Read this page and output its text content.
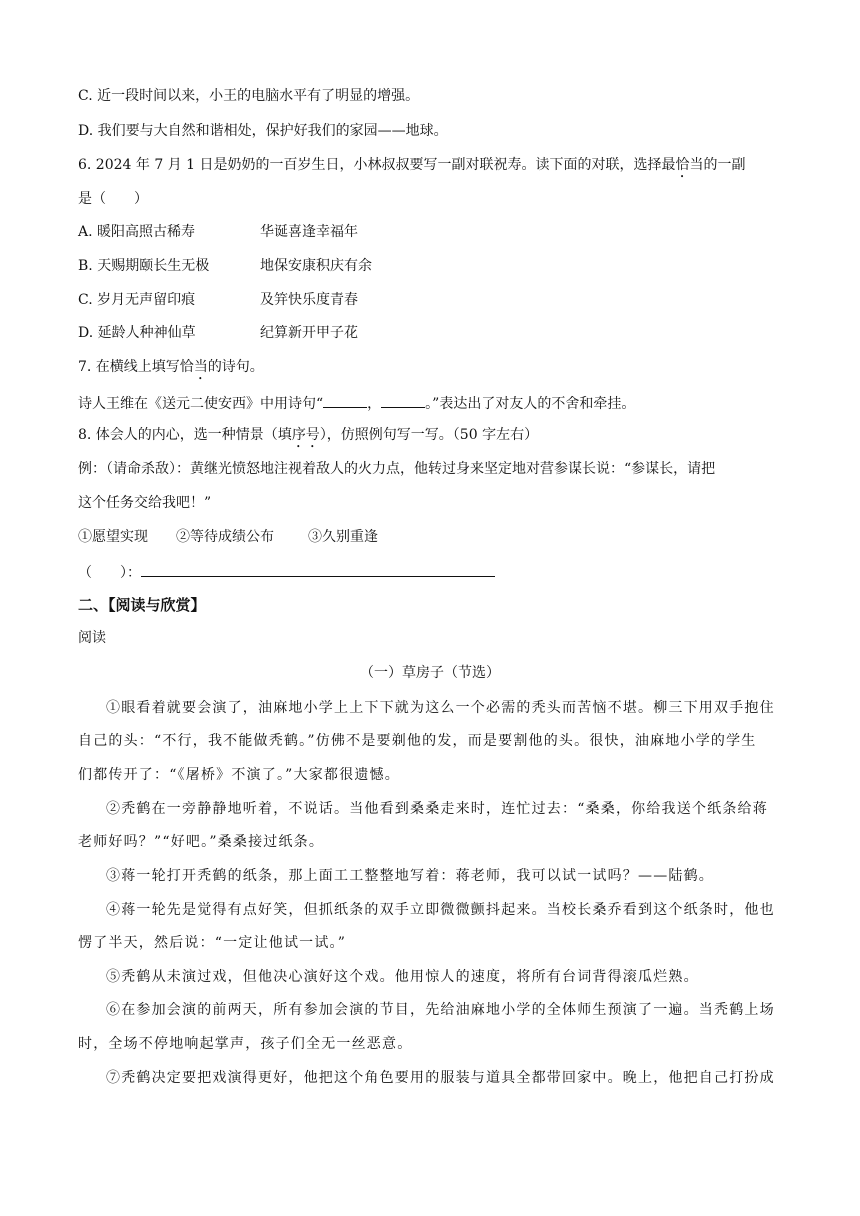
C. 近一段时间以来，小王的电脑水平有了明显的增强。
D. 我们要与大自然和谐相处，保护好我们的家园——地球。
6. 2024 年 7 月 1 日是奶奶的一百岁生日，小林叔叔要写一副对联祝寿。读下面的对联，选择最恰当的一副
是（　　）
A. 暖阳高照古稀寿	华诞喜逢幸福年
B. 天赐期颐长生无极	地保安康积庆有余
C. 岁月无声留印痕	及笄快乐度青春
D. 延龄人种神仙草	纪算新开甲子花
7. 在横线上填写恰当的诗句。
诗人王维在《送元二使安西》中用诗句“	，	。”表达出了对友人的不舍和牵挂。
8. 体会人的内心，选一种情景（填序号），仿照例句写一写。（50 字左右）
例：（请命杀敌）：黄继光愤怒地注视着敌人的火力点，他转过身来坚定地对营参谋长说：“参谋长，请把
这个任务交给我吧！”
①愿望实现 ②等待成绩公布 ③久别重逢
（　　）：
二、【阅读与欣赏】
阅读
（一）草房子（节选）
①眼看着就要会演了，油麻地小学上上下下就为这么一个必需的秃头而苦恼不堪。柳三下用双手抱住
自己的头：“不行，我不能做秃鹤。”仿佛不是要剃他的发，而是要割他的头。很快，油麻地小学的学生
们都传开了：“《屠桥》不演了。”大家都很遗憾。
②秃鹤在一旁静静地听着，不说话。当他看到桑桑走来时，连忙过去：“桑桑，你给我送个纸条给蒋
老师好吗？”“好吧。”桑桑接过纸条。
③蒋一轮打开秃鹤的纸条，那上面工工整整地写着：蒋老师，我可以试一试吗？——陆鹤。
④蒋一轮先是觉得有点好笑，但抓纸条的双手立即微微颤抖起来。当校长桑乔看到这个纸条时，他也
愣了半天，然后说：“一定让他试一试。”
⑤秃鹤从未演过戏，但他决心演好这个戏。他用惊人的速度，将所有台词背得滚瓜烂熟。
⑥在参加会演的前两天，所有参加会演的节目，先给油麻地小学的全体师生预演了一遍。当秃鹤上场
时，全场不停地响起掌声，孩子们全无一丝恶意。
⑦秃鹤决定要把戏演得更好，他把这个角色要用的服装与道具全都带回家中。晚上，他把自己打扮成
